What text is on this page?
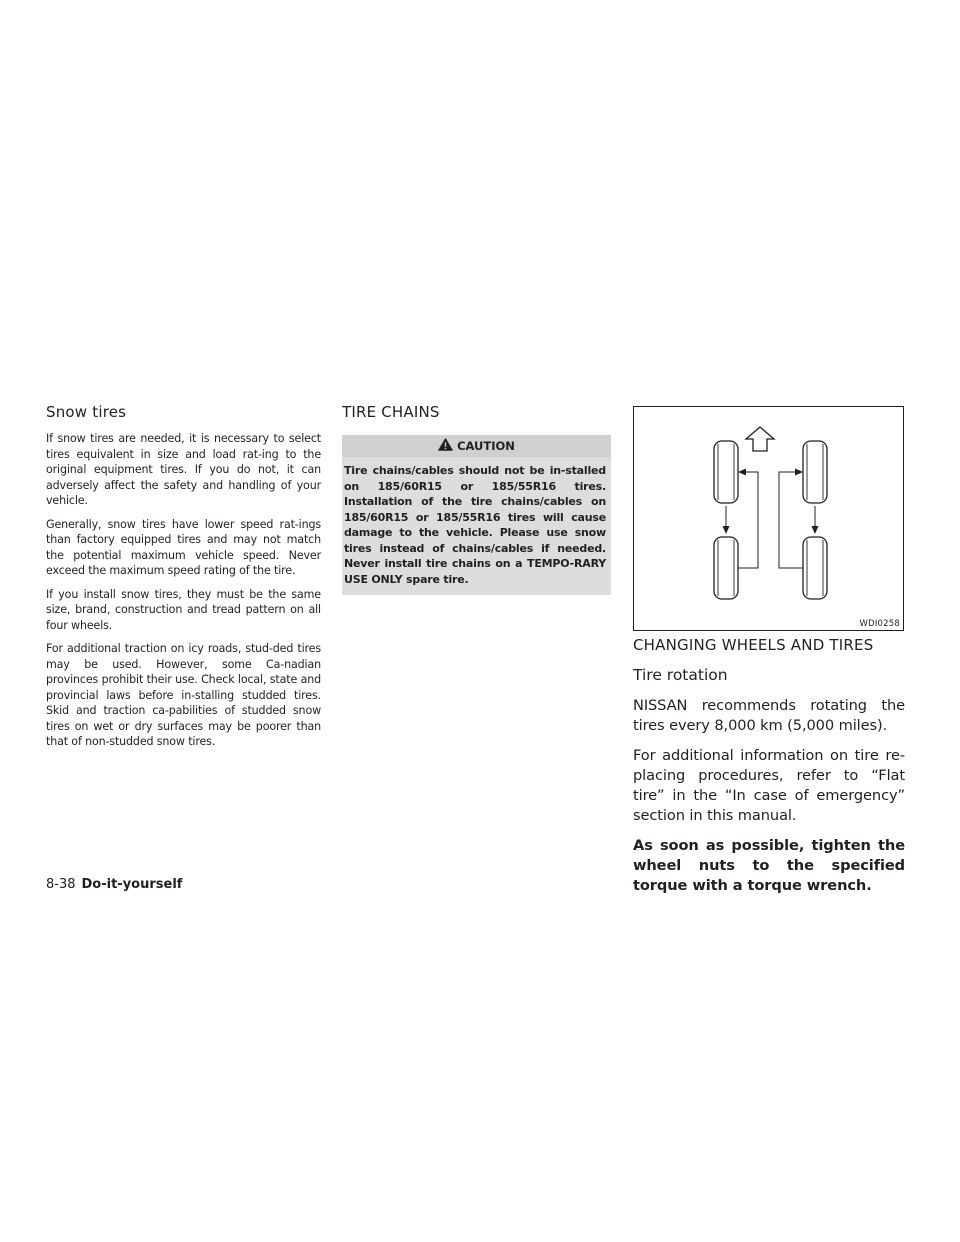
Snow tires

If snow tires are needed, it is necessary to select tires equivalent in size and load rat-ing to the original equipment tires. If you do not, it can adversely affect the safety and handling of your vehicle.

Generally, snow tires have lower speed rat-ings than factory equipped tires and may not match the potential maximum vehicle speed. Never exceed the maximum speed rating of the tire.

If you install snow tires, they must be the same size, brand, construction and tread pattern on all four wheels.

For additional traction on icy roads, stud-ded tires may be used. However, some Ca-nadian provinces prohibit their use. Check local, state and provincial laws before in-stalling studded tires. Skid and traction ca-pabilities of studded snow tires on wet or dry surfaces may be poorer than that of non-studded snow tires.

TIRE CHAINS
CAUTION
Tire chains/cables should not be in-stalled on 185/60R15 or 185/55R16 tires. Installation of the tire chains/cables on 185/60R15 or 185/55R16 tires will cause damage to the vehicle. Please use snow tires instead of chains/cables if needed. Never install tire chains on a TEMPO-RARY USE ONLY spare tire.
WDI0258
CHANGING WHEELS AND TIRES
Tire rotation

NISSAN recommends rotating the tires every 8,000 km (5,000 miles).

For additional information on tire re-placing procedures, refer to “Flat tire” in the “In case of emergency” section in this manual.

As soon as possible, tighten the wheel nuts to the specified torque with a torque wrench.

8-38 Do-it-yourself
